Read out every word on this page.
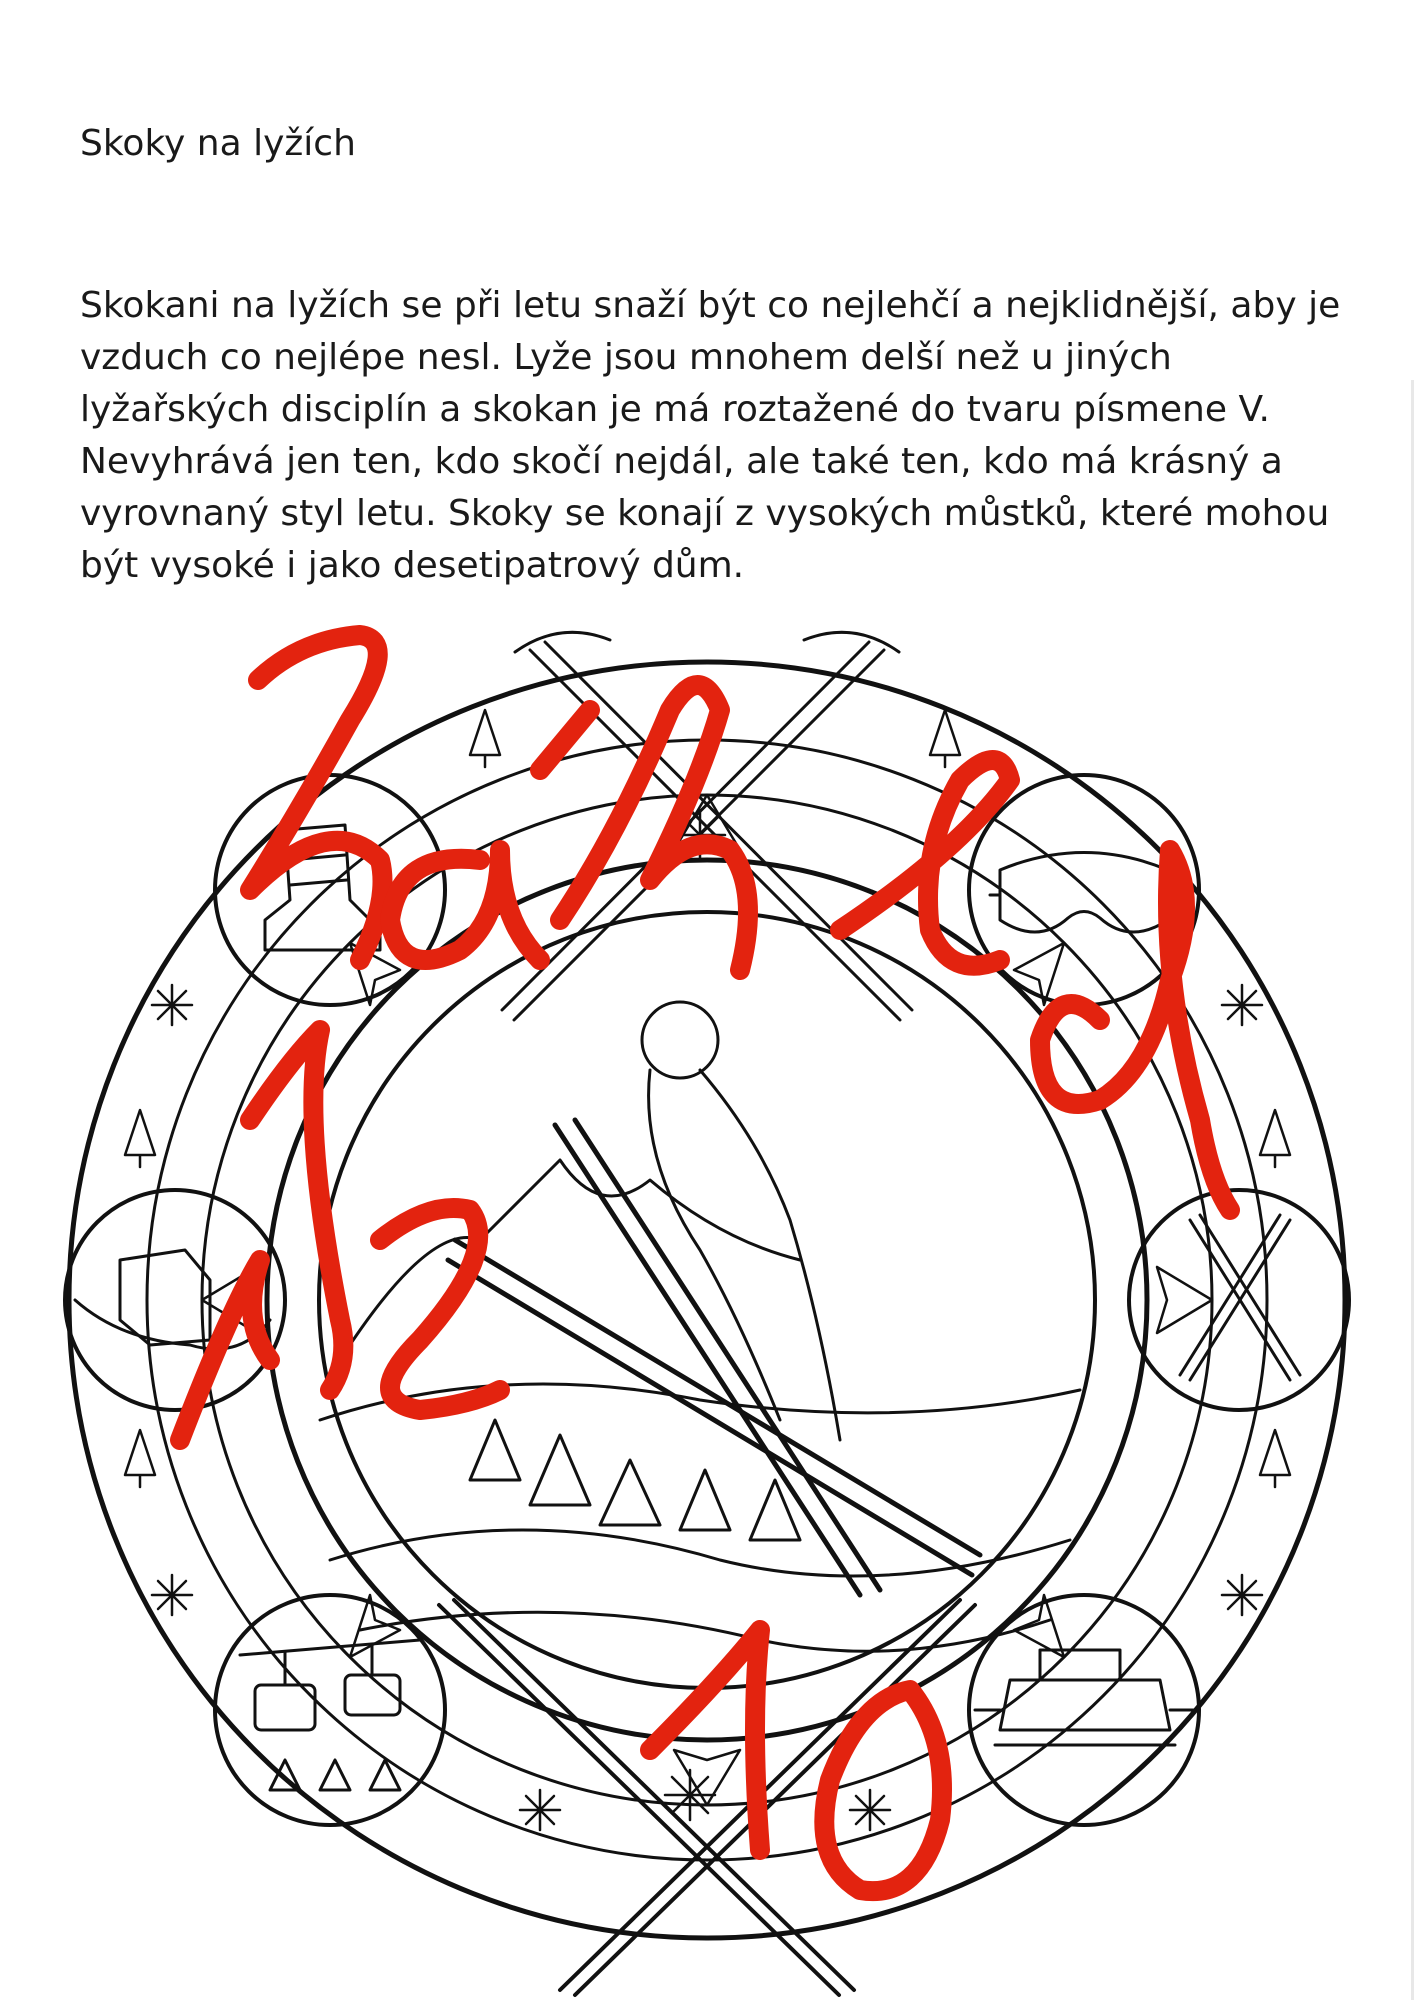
Skoky na lyžích
Skokani na lyžích se při letu snaží být co nejlehčí a nejklidnější, aby je
vzduch co nejlépe nesl. Lyže jsou mnohem delší než u jiných
lyžařských disciplín a skokan je má roztažené do tvaru písmene V.
Nevyhrává jen ten, kdo skočí nejdál, ale také ten, kdo má krásný a
vyrovnaný styl letu. Skoky se konají z vysokých můstků, které mohou
být vysoké i jako desetipatrový dům.
